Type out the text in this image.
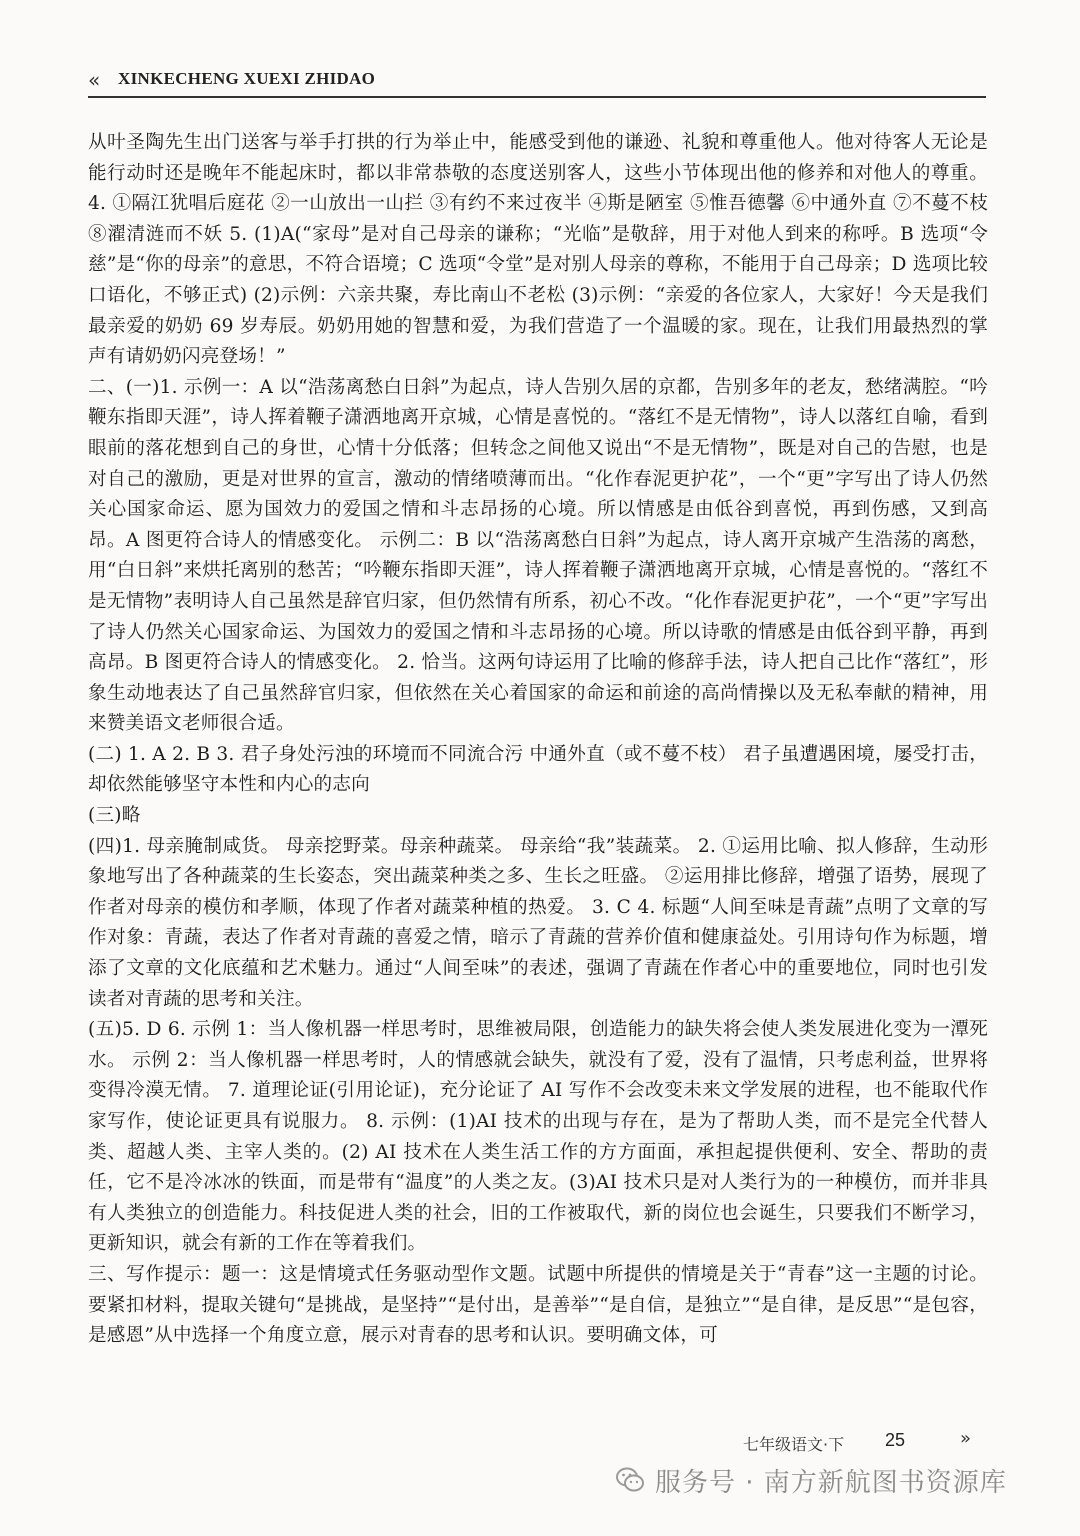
« XINKECHENG XUEXI ZHIDAO

从叶圣陶先生出门送客与举手打拱的行为举止中，能感受到他的谦逊、礼貌和尊重他人。他对待客人无论是能行动时还是晚年不能起床时，都以非常恭敬的态度送别客人，这些小节体现出他的修养和对他人的尊重。 4. ①隔江犹唱后庭花 ②一山放出一山拦 ③有约不来过夜半 ④斯是陋室 ⑤惟吾德馨 ⑥中通外直 ⑦不蔓不枝 ⑧濯清涟而不妖 5. (1)A(“家母”是对自己母亲的谦称；“光临”是敬辞，用于对他人到来的称呼。B 选项“令慈”是“你的母亲”的意思，不符合语境；C 选项“令堂”是对别人母亲的尊称，不能用于自己母亲；D 选项比较口语化，不够正式) (2)示例：六亲共聚，寿比南山不老松 (3)示例：“亲爱的各位家人，大家好！今天是我们最亲爱的奶奶 69 岁寿辰。奶奶用她的智慧和爱，为我们营造了一个温暖的家。现在，让我们用最热烈的掌声有请奶奶闪亮登场！”

二、(一)1. 示例一：A 以“浩荡离愁白日斜”为起点，诗人告别久居的京都，告别多年的老友，愁绪满腔。“吟鞭东指即天涯”，诗人挥着鞭子潇洒地离开京城，心情是喜悦的。“落红不是无情物”，诗人以落红自喻，看到眼前的落花想到自己的身世，心情十分低落；但转念之间他又说出“不是无情物”，既是对自己的告慰，也是对自己的激励，更是对世界的宣言，激动的情绪喷薄而出。“化作春泥更护花”，一个“更”字写出了诗人仍然关心国家命运、愿为国效力的爱国之情和斗志昂扬的心境。所以情感是由低谷到喜悦，再到伤感，又到高昂。A 图更符合诗人的情感变化。 示例二：B 以“浩荡离愁白日斜”为起点，诗人离开京城产生浩荡的离愁，用“白日斜”来烘托离别的愁苦；“吟鞭东指即天涯”，诗人挥着鞭子潇洒地离开京城，心情是喜悦的。“落红不是无情物”表明诗人自己虽然是辞官归家，但仍然情有所系，初心不改。“化作春泥更护花”，一个“更”字写出了诗人仍然关心国家命运、为国效力的爱国之情和斗志昂扬的心境。所以诗歌的情感是由低谷到平静，再到高昂。B 图更符合诗人的情感变化。 2. 恰当。这两句诗运用了比喻的修辞手法，诗人把自己比作“落红”，形象生动地表达了自己虽然辞官归家，但依然在关心着国家的命运和前途的高尚情操以及无私奉献的精神，用来赞美语文老师很合适。

(二) 1. A 2. B 3. 君子身处污浊的环境而不同流合污 中通外直（或不蔓不枝） 君子虽遭遇困境，屡受打击，却依然能够坚守本性和内心的志向

(三)略

(四)1. 母亲腌制咸货。 母亲挖野菜。母亲种蔬菜。 母亲给“我”装蔬菜。 2. ①运用比喻、拟人修辞，生动形象地写出了各种蔬菜的生长姿态，突出蔬菜种类之多、生长之旺盛。 ②运用排比修辞，增强了语势，展现了作者对母亲的模仿和孝顺，体现了作者对蔬菜种植的热爱。 3. C 4. 标题“人间至味是青蔬”点明了文章的写作对象：青蔬，表达了作者对青蔬的喜爱之情，暗示了青蔬的营养价值和健康益处。引用诗句作为标题，增添了文章的文化底蕴和艺术魅力。通过“人间至味”的表述，强调了青蔬在作者心中的重要地位，同时也引发读者对青蔬的思考和关注。

(五)5. D 6. 示例 1：当人像机器一样思考时，思维被局限，创造能力的缺失将会使人类发展进化变为一潭死水。 示例 2：当人像机器一样思考时，人的情感就会缺失，就没有了爱，没有了温情，只考虑利益，世界将变得冷漠无情。 7. 道理论证(引用论证)，充分论证了 AI 写作不会改变未来文学发展的进程，也不能取代作家写作，使论证更具有说服力。 8. 示例：(1)AI 技术的出现与存在，是为了帮助人类，而不是完全代替人类、超越人类、主宰人类的。(2) AI 技术在人类生活工作的方方面面，承担起提供便利、安全、帮助的责任，它不是冷冰冰的铁面，而是带有“温度”的人类之友。(3)AI 技术只是对人类行为的一种模仿，而并非具有人类独立的创造能力。科技促进人类的社会，旧的工作被取代，新的岗位也会诞生，只要我们不断学习，更新知识，就会有新的工作在等着我们。

三、写作提示：题一：这是情境式任务驱动型作文题。试题中所提供的情境是关于“青春”这一主题的讨论。要紧扣材料，提取关键句“是挑战，是坚持”“是付出，是善举”“是自信，是独立”“是自律，是反思”“是包容，是感恩”从中选择一个角度立意，展示对青春的思考和认识。要明确文体，可

七年级语文·下 25	»
服务号 · 南方新航图书资源库
